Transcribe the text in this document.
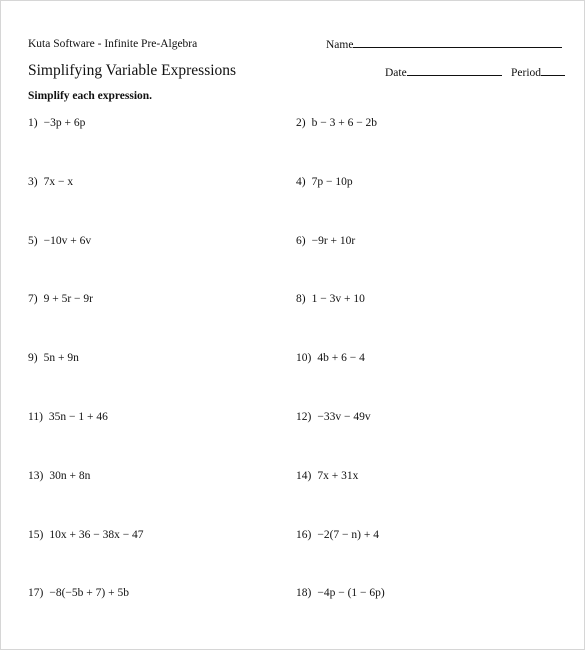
Kuta Software - Infinite Pre-Algebra	Name
Simplifying Variable Expressions	Date	Period
Simplify each expression.
1) −3p + 6p	2) b − 3 + 6 − 2b
3) 7x − x	4) 7p − 10p
5) −10v + 6v	6) −9r + 10r
7) 9 + 5r − 9r	8) 1 − 3v + 10
9) 5n + 9n	10) 4b + 6 − 4
11) 35n − 1 + 46	12) −33v − 49v
13) 30n + 8n	14) 7x + 31x
15) 10x + 36 − 38x − 47	16) −2(7 − n) + 4
17) −8(−5b + 7) + 5b	18) −4p − (1 − 6p)
